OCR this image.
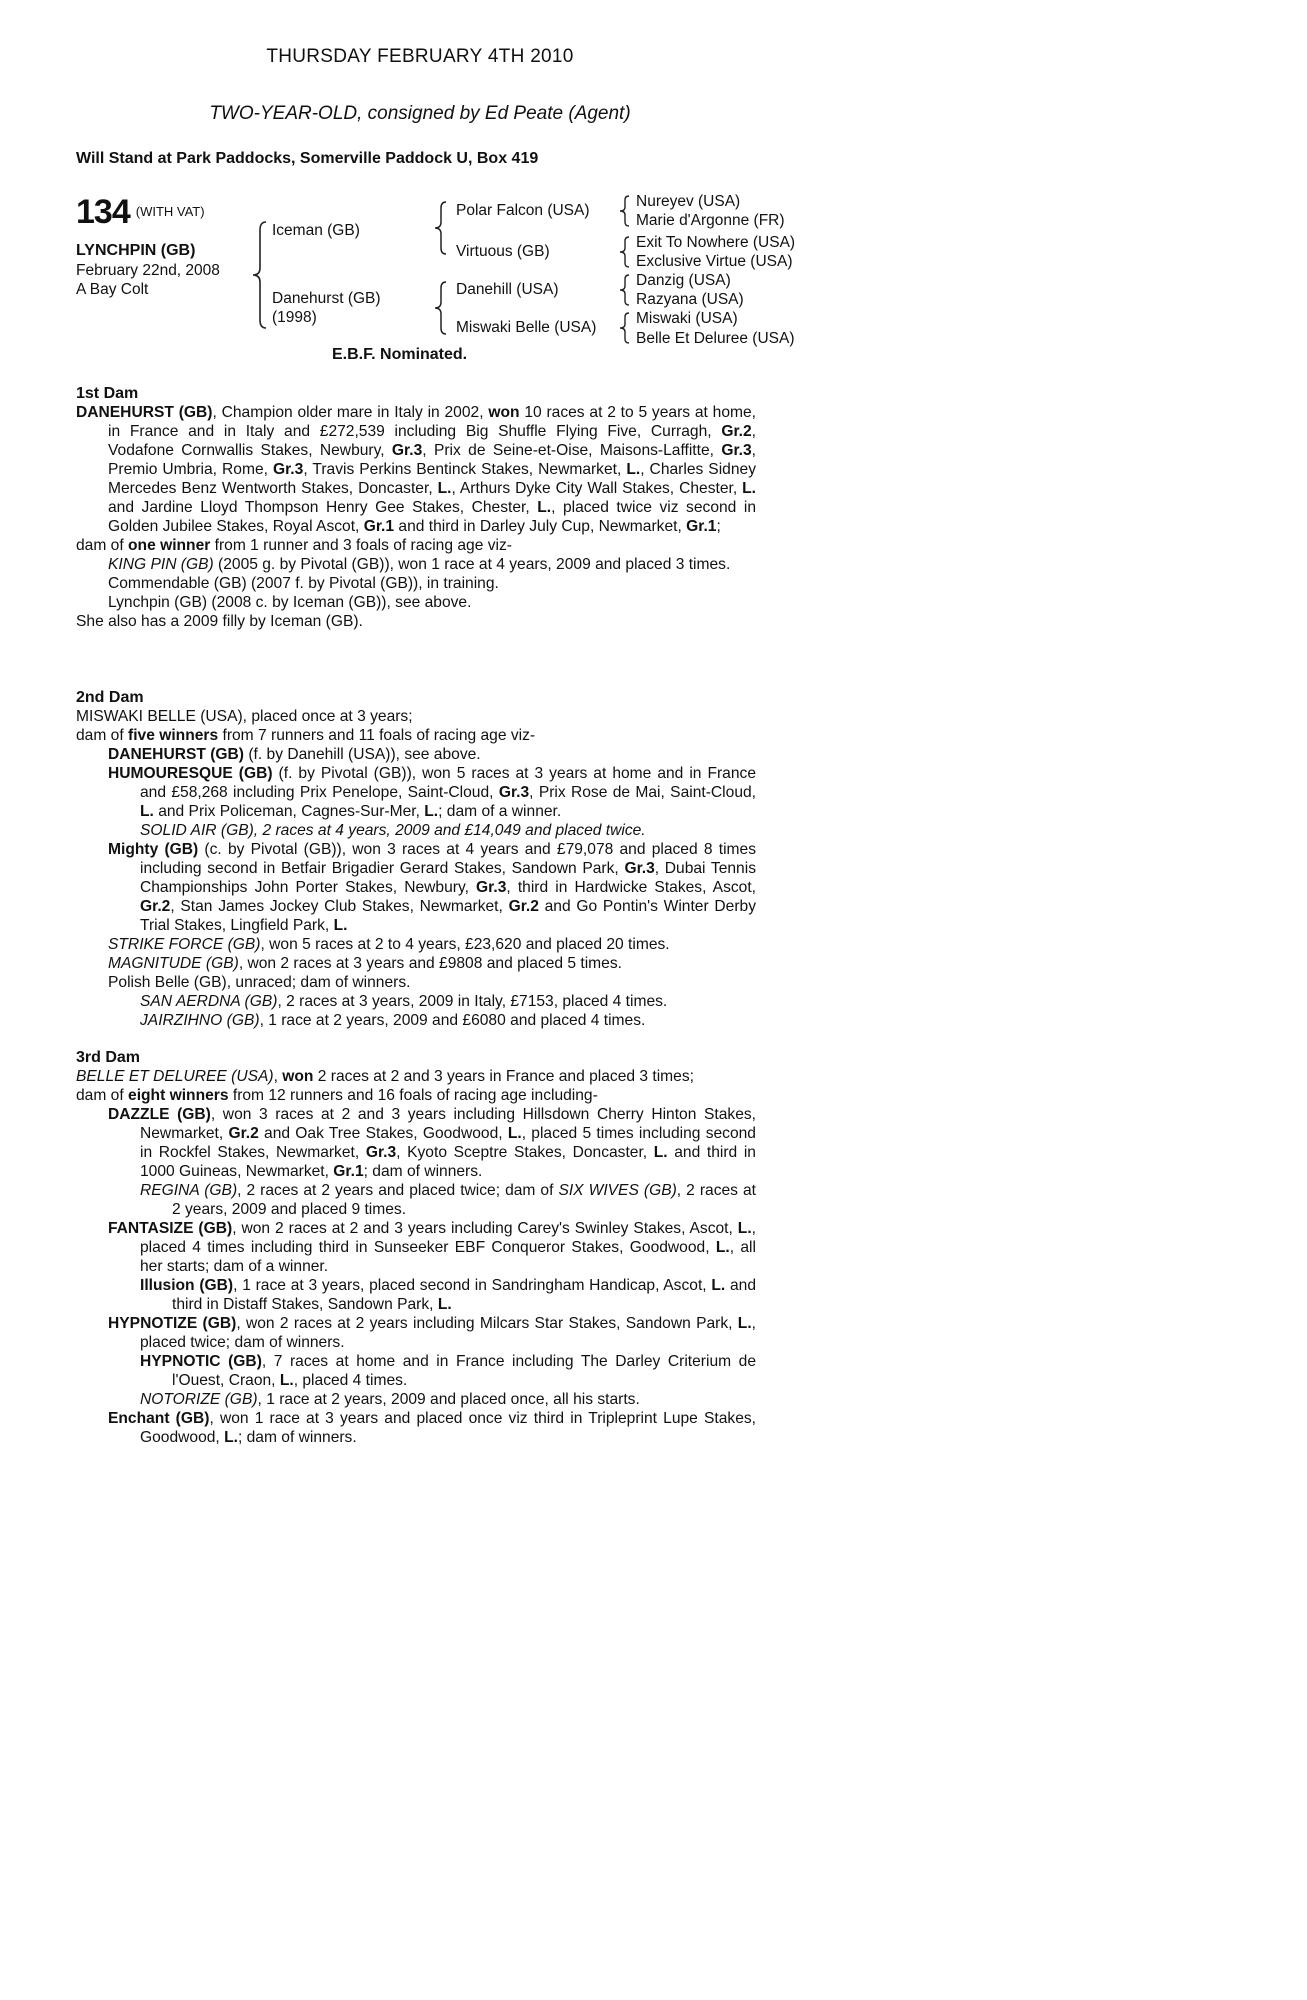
THURSDAY FEBRUARY 4TH 2010
TWO-YEAR-OLD, consigned by Ed Peate (Agent)
Will Stand at Park Paddocks, Somerville Paddock U, Box 419
134 $^{(WITH VAT)}$
LYNCHPIN (GB)
February 22nd, 2008
A Bay Colt
Iceman (GB)
Danehurst (GB)
(1998)
Polar Falcon (USA)
Virtuous (GB)
Danehill (USA)
Miswaki Belle (USA)
Nureyev (USA)
Marie d'Argonne (FR)
Exit To Nowhere (USA)
Exclusive Virtue (USA)
Danzig (USA)
Razyana (USA)
Miswaki (USA)
Belle Et Deluree (USA)
E.B.F. Nominated.
1st Dam
DANEHURST (GB), Champion older mare in Italy in 2002, won 10 races at 2 to 5 years at home, in France and in Italy and £272,539 including Big Shuffle Flying Five, Curragh, Gr.2, Vodafone Cornwallis Stakes, Newbury, Gr.3, Prix de Seine-et-Oise, Maisons-Laffitte, Gr.3, Premio Umbria, Rome, Gr.3, Travis Perkins Bentinck Stakes, Newmarket, L., Charles Sidney Mercedes Benz Wentworth Stakes, Doncaster, L., Arthurs Dyke City Wall Stakes, Chester, L. and Jardine Lloyd Thompson Henry Gee Stakes, Chester, L., placed twice viz second in Golden Jubilee Stakes, Royal Ascot, Gr.1 and third in Darley July Cup, Newmarket, Gr.1;
dam of one winner from 1 runner and 3 foals of racing age viz-
KING PIN (GB) (2005 g. by Pivotal (GB)), won 1 race at 4 years, 2009 and placed 3 times.
Commendable (GB) (2007 f. by Pivotal (GB)), in training.
Lynchpin (GB) (2008 c. by Iceman (GB)), see above.
She also has a 2009 filly by Iceman (GB).
2nd Dam
MISWAKI BELLE (USA), placed once at 3 years;
dam of five winners from 7 runners and 11 foals of racing age viz-
DANEHURST (GB) (f. by Danehill (USA)), see above.
HUMOURESQUE (GB) (f. by Pivotal (GB)), won 5 races at 3 years at home and in France and £58,268 including Prix Penelope, Saint-Cloud, Gr.3, Prix Rose de Mai, Saint-Cloud, L. and Prix Policeman, Cagnes-Sur-Mer, L.; dam of a winner.
SOLID AIR (GB), 2 races at 4 years, 2009 and £14,049 and placed twice.
Mighty (GB) (c. by Pivotal (GB)), won 3 races at 4 years and £79,078 and placed 8 times including second in Betfair Brigadier Gerard Stakes, Sandown Park, Gr.3, Dubai Tennis Championships John Porter Stakes, Newbury, Gr.3, third in Hardwicke Stakes, Ascot, Gr.2, Stan James Jockey Club Stakes, Newmarket, Gr.2 and Go Pontin's Winter Derby Trial Stakes, Lingfield Park, L.
STRIKE FORCE (GB), won 5 races at 2 to 4 years, £23,620 and placed 20 times.
MAGNITUDE (GB), won 2 races at 3 years and £9808 and placed 5 times.
Polish Belle (GB), unraced; dam of winners.
SAN AERDNA (GB), 2 races at 3 years, 2009 in Italy, £7153, placed 4 times.
JAIRZIHNO (GB), 1 race at 2 years, 2009 and £6080 and placed 4 times.
3rd Dam
BELLE ET DELUREE (USA), won 2 races at 2 and 3 years in France and placed 3 times;
dam of eight winners from 12 runners and 16 foals of racing age including-
DAZZLE (GB), won 3 races at 2 and 3 years including Hillsdown Cherry Hinton Stakes, Newmarket, Gr.2 and Oak Tree Stakes, Goodwood, L., placed 5 times including second in Rockfel Stakes, Newmarket, Gr.3, Kyoto Sceptre Stakes, Doncaster, L. and third in 1000 Guineas, Newmarket, Gr.1; dam of winners.
REGINA (GB), 2 races at 2 years and placed twice; dam of SIX WIVES (GB), 2 races at 2 years, 2009 and placed 9 times.
FANTASIZE (GB), won 2 races at 2 and 3 years including Carey's Swinley Stakes, Ascot, L., placed 4 times including third in Sunseeker EBF Conqueror Stakes, Goodwood, L., all her starts; dam of a winner.
Illusion (GB), 1 race at 3 years, placed second in Sandringham Handicap, Ascot, L. and third in Distaff Stakes, Sandown Park, L.
HYPNOTIZE (GB), won 2 races at 2 years including Milcars Star Stakes, Sandown Park, L., placed twice; dam of winners.
HYPNOTIC (GB), 7 races at home and in France including The Darley Criterium de l'Ouest, Craon, L., placed 4 times.
NOTORIZE (GB), 1 race at 2 years, 2009 and placed once, all his starts.
Enchant (GB), won 1 race at 3 years and placed once viz third in Tripleprint Lupe Stakes, Goodwood, L.; dam of winners.
